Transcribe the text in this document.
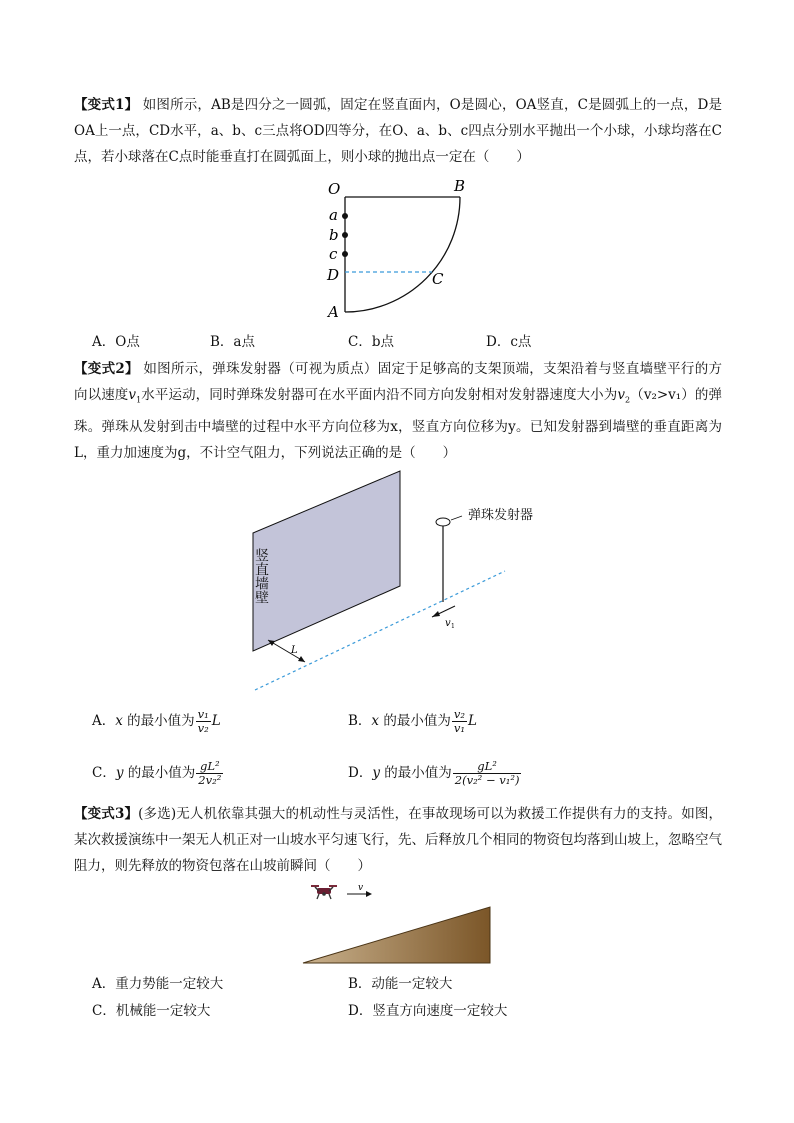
【变式1】 如图所示，AB是四分之一圆弧，固定在竖直面内，O是圆心，OA竖直，C是圆弧上的一点，D是OA上一点，CD水平，a、b、c三点将OD四等分，在O、a、b、c四点分别水平抛出一个小球，小球均落在C点，若小球落在C点时能垂直打在圆弧面上，则小球的抛出点一定在（　　）
O	B
a
b
c
D	C
A
A．O点	B．a点	C．b点	D．c点
【变式2】 如图所示，弹珠发射器（可视为质点）固定于足够高的支架顶端，支架沿着与竖直墙壁平行的方向以速度$v_1$水平运动，同时弹珠发射器可在水平面内沿不同方向发射相对发射器速度大小为$v_2(v_2>v_1)$的弹珠。弹珠从发射到击中墙壁的过程中水平方向位移为x，竖直方向位移为y。已知发射器到墙壁的垂直距离为L，重力加速度为g，不计空气阻力，下列说法正确的是（　　）
竖直墙壁
弹珠发射器
v 1
L
A．x 的最小值为 $\frac{\text{v₁}}{\text{v₂}}$ L	B．x 的最小值为 $\frac{\text{v₂}}{\text{v₁}}$ L
C．y 的最小值为 $\frac{\text{gL²}}{\text{2v₂²}}$	D．y 的最小值为 $\frac{\text{gL²}}{\text{2(v₂² − v₁²)}}$
【变式3】(多选)无人机依靠其强大的机动性与灵活性，在事故现场可以为救援工作提供有力的支持。如图，某次救援演练中一架无人机正对一山坡水平匀速飞行，先、后释放几个相同的物资包均落到山坡上，忽略空气阻力，则先释放的物资包落在山坡前瞬间（　　）
v
A．重力势能一定较大	B．动能一定较大
C．机械能一定较大	D．竖直方向速度一定较大
